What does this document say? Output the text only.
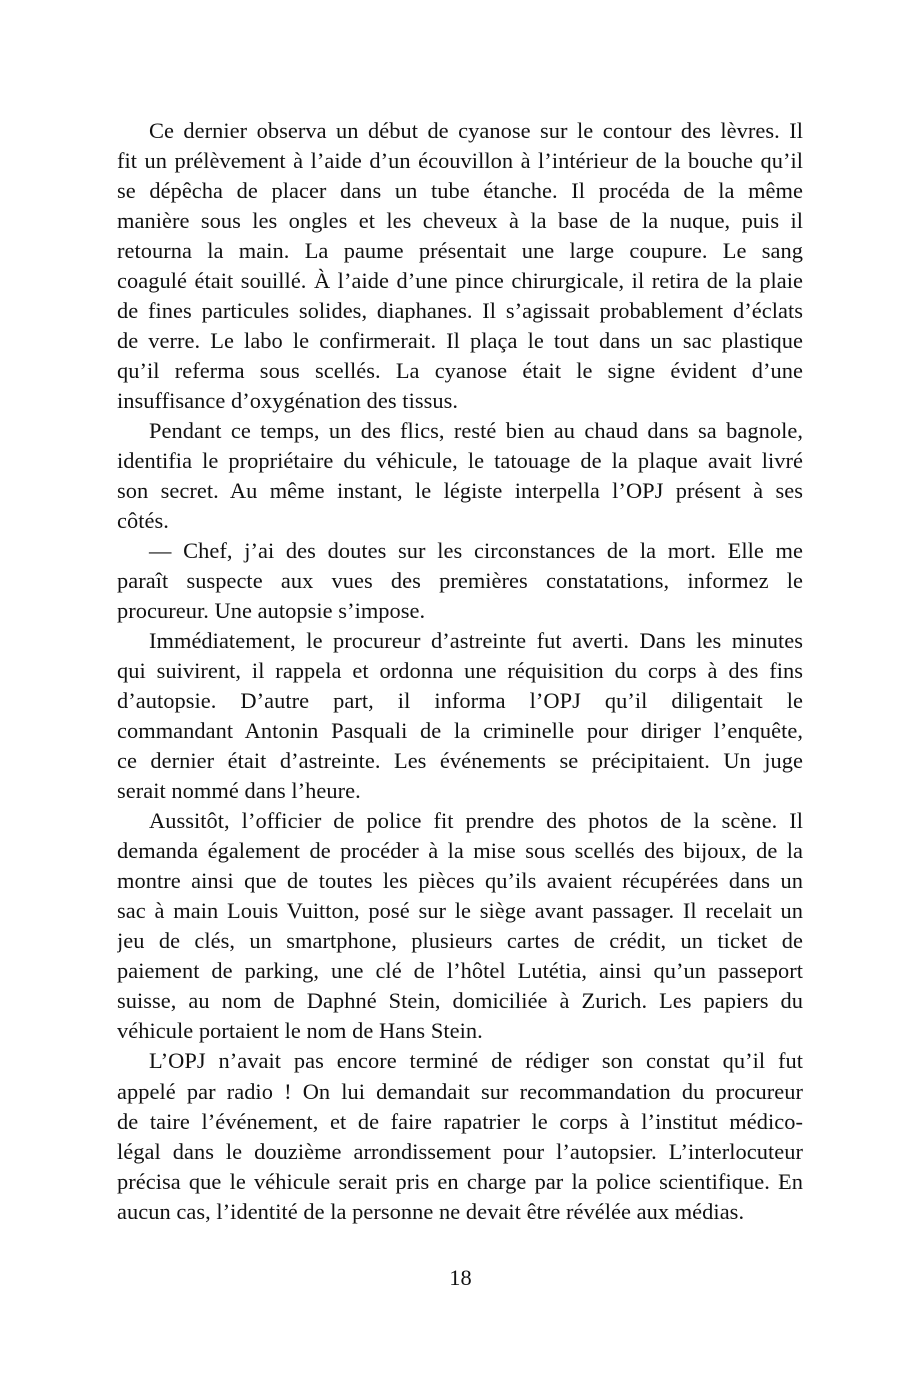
Ce dernier observa un début de cyanose sur le contour des lèvres. Il
fit un prélèvement à l’aide d’un écouvillon à l’intérieur de la bouche qu’il
se dépêcha de placer dans un tube étanche. Il procéda de la même
manière sous les ongles et les cheveux à la base de la nuque, puis il
retourna la main. La paume présentait une large coupure. Le sang
coagulé était souillé. À l’aide d’une pince chirurgicale, il retira de la plaie
de fines particules solides, diaphanes. Il s’agissait probablement d’éclats
de verre. Le labo le confirmerait. Il plaça le tout dans un sac plastique
qu’il referma sous scellés. La cyanose était le signe évident d’une
insuffisance d’oxygénation des tissus.
Pendant ce temps, un des flics, resté bien au chaud dans sa bagnole,
identifia le propriétaire du véhicule, le tatouage de la plaque avait livré
son secret. Au même instant, le légiste interpella l’OPJ présent à ses
côtés.
— Chef, j’ai des doutes sur les circonstances de la mort. Elle me
paraît suspecte aux vues des premières constatations, informez le
procureur. Une autopsie s’impose.
Immédiatement, le procureur d’astreinte fut averti. Dans les minutes
qui suivirent, il rappela et ordonna une réquisition du corps à des fins
d’autopsie. D’autre part, il informa l’OPJ qu’il diligentait le
commandant Antonin Pasquali de la criminelle pour diriger l’enquête,
ce dernier était d’astreinte. Les événements se précipitaient. Un juge
serait nommé dans l’heure.
Aussitôt, l’officier de police fit prendre des photos de la scène. Il
demanda également de procéder à la mise sous scellés des bijoux, de la
montre ainsi que de toutes les pièces qu’ils avaient récupérées dans un
sac à main Louis Vuitton, posé sur le siège avant passager. Il recelait un
jeu de clés, un smartphone, plusieurs cartes de crédit, un ticket de
paiement de parking, une clé de l’hôtel Lutétia, ainsi qu’un passeport
suisse, au nom de Daphné Stein, domiciliée à Zurich. Les papiers du
véhicule portaient le nom de Hans Stein.
L’OPJ n’avait pas encore terminé de rédiger son constat qu’il fut
appelé par radio ! On lui demandait sur recommandation du procureur
de taire l’événement, et de faire rapatrier le corps à l’institut médico-
légal dans le douzième arrondissement pour l’autopsier. L’interlocuteur
précisa que le véhicule serait pris en charge par la police scientifique. En
aucun cas, l’identité de la personne ne devait être révélée aux médias.
18
